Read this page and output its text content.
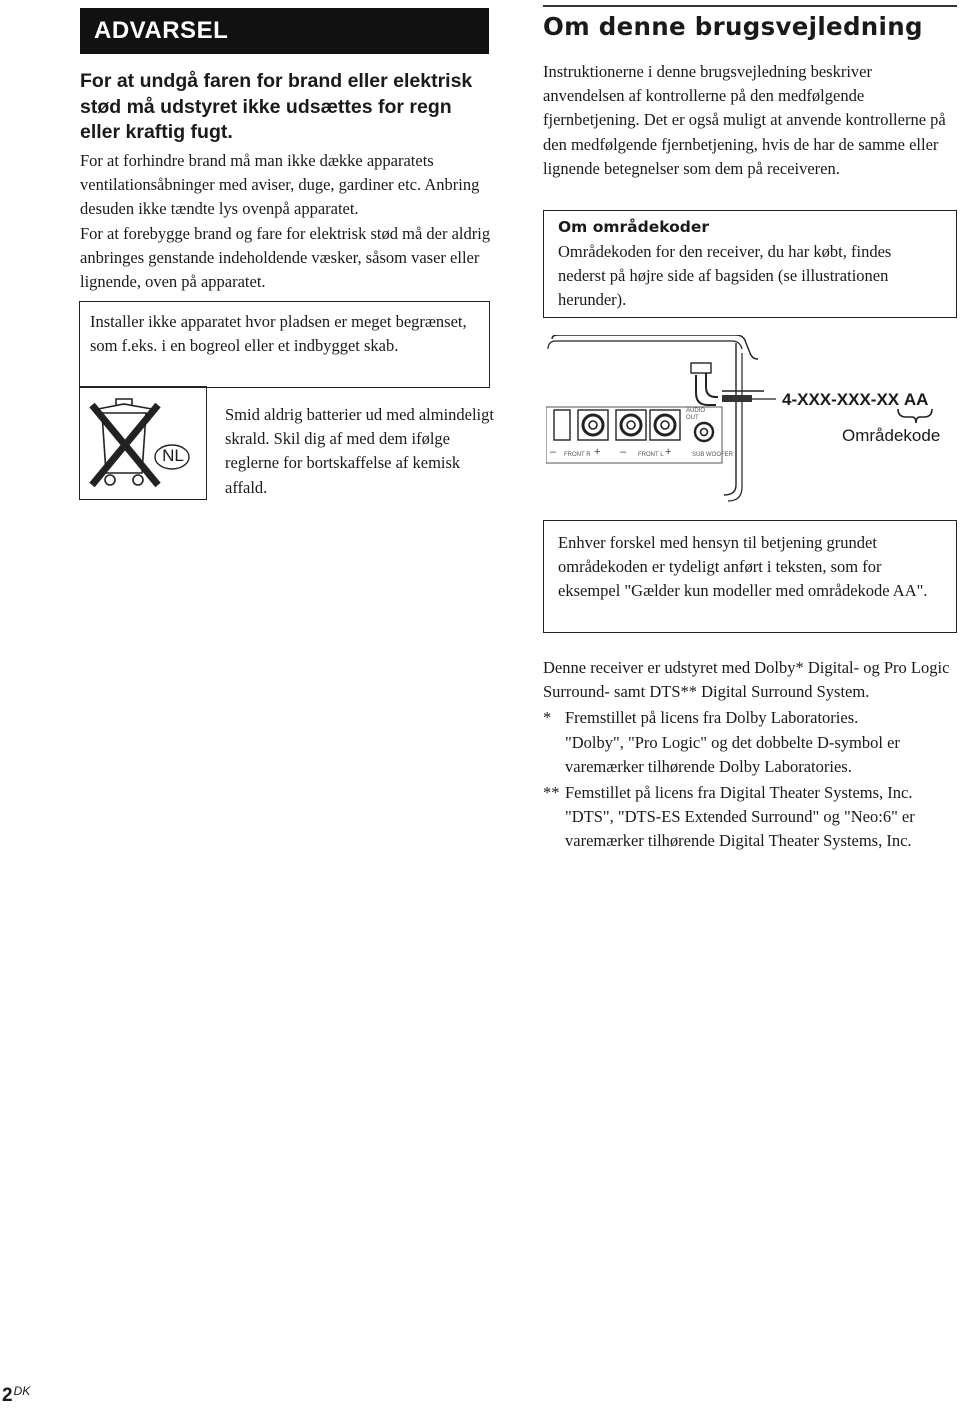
ADVARSEL
For at undgå faren for brand eller elektrisk stød må udstyret ikke udsættes for regn eller kraftig fugt.

For at forhindre brand må man ikke dække apparatets ventilationsåbninger med aviser, duge, gardiner etc. Anbring desuden ikke tændte lys ovenpå apparatet.

For at forebygge brand og fare for elektrisk stød må der aldrig anbringes genstande indeholdende væsker, såsom vaser eller lignende, oven på apparatet.

Installer ikke apparatet hvor pladsen er meget begrænset, som f.eks. i en bogreol eller et indbygget skab.

NL
Smid aldrig batterier ud med almindeligt skrald. Skil dig af med dem ifølge reglerne for bortskaffelse af kemisk affald.
Om denne brugsvejledning
Instruktionerne i denne brugsvejledning beskriver anvendelsen af kontrollerne på den medfølgende fjernbetjening. Det er også muligt at anvende kontrollerne på den medfølgende fjernbetjening, hvis de har de samme eller lignende betegnelser som dem på receiveren.
Om områdekoder

Områdekoden for den receiver, du har købt, findes nederst på højre side af bagsiden (se illustrationen herunder).

–	+ –	+
AUDIO OUT
FRONT R	FRONT L	SUB WOOFER
4-XXX-XXX-XX AA
Områdekode

Enhver forskel med hensyn til betjening grundet områdekoden er tydeligt anført i teksten, som for eksempel "Gælder kun modeller med områdekode AA".

Denne receiver er udstyret med Dolby* Digital- og Pro Logic Surround- samt DTS** Digital Surround System.

* Fremstillet på licens fra Dolby Laboratories.

"Dolby", "Pro Logic" og det dobbelte D-symbol er varemærker tilhørende Dolby Laboratories.

** Femstillet på licens fra Digital Theater Systems, Inc.

"DTS", "DTS-ES Extended Surround" og "Neo:6" er varemærker tilhørende Digital Theater Systems, Inc.

$2^{DK}$
